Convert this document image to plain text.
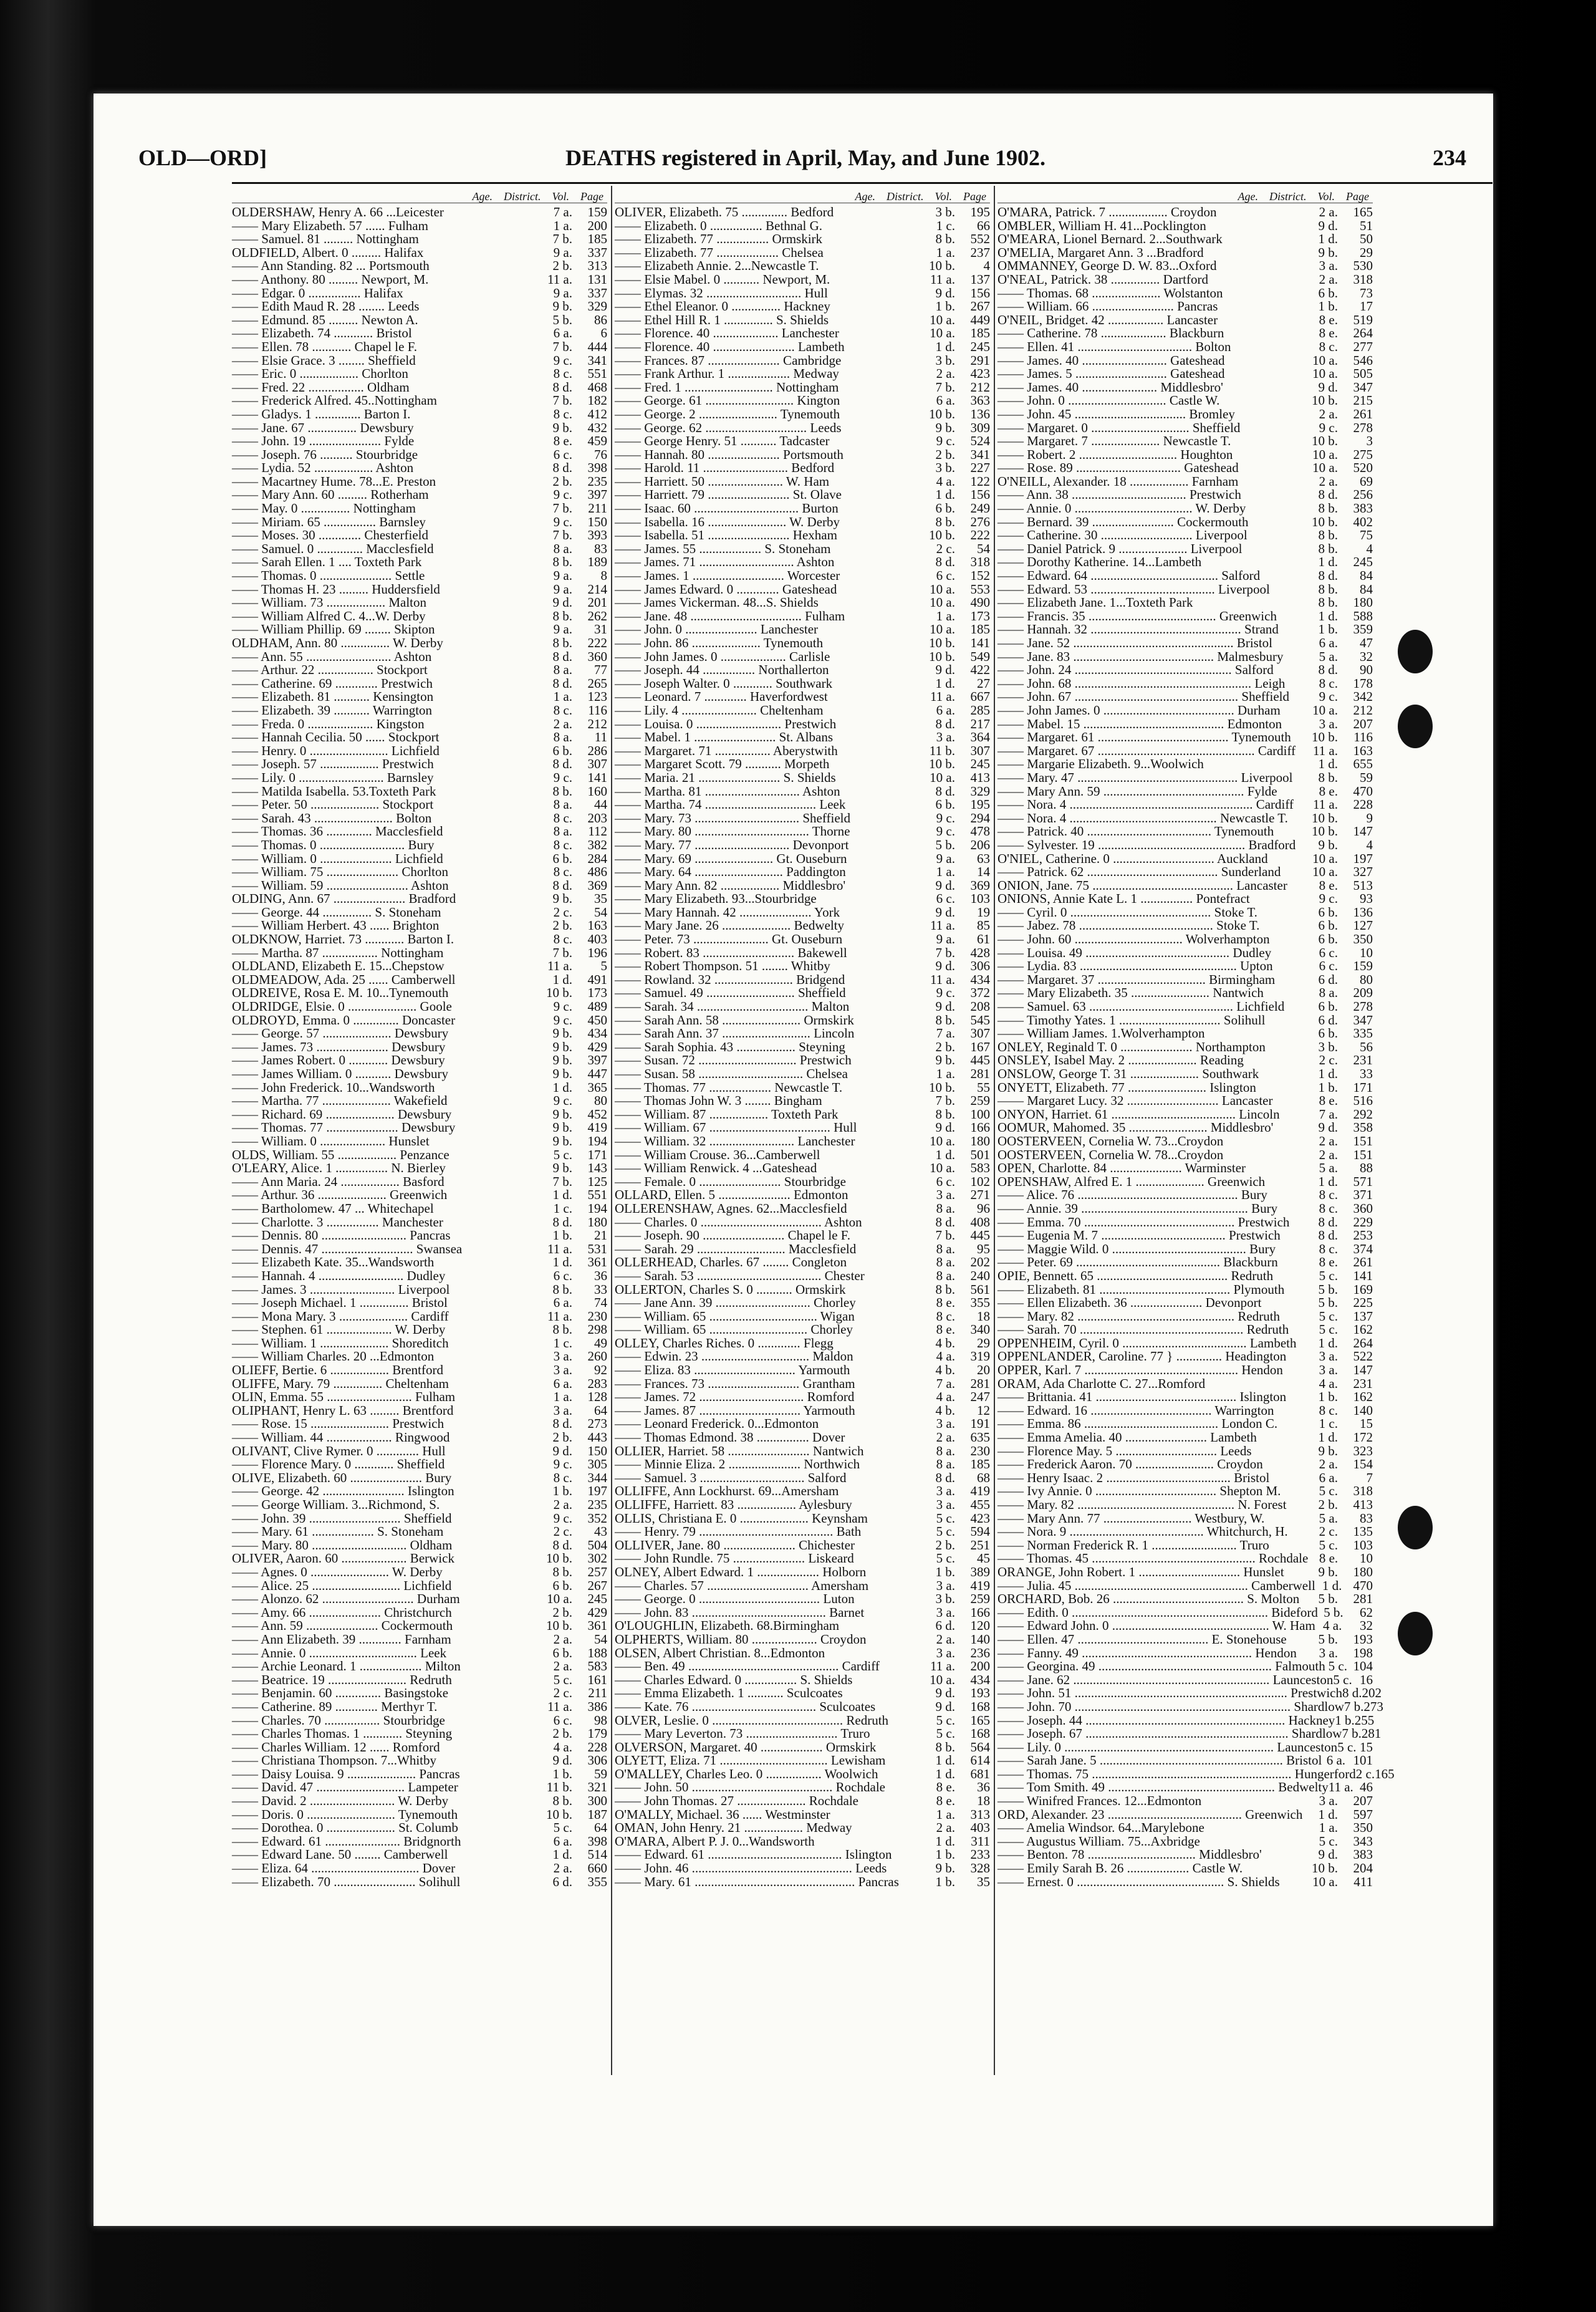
OLD—ORD]	DEATHS registered in April, May, and June 1902.	234
Age. District. Vol. Page
OLDERSHAW, Henry A. 66 ...Leicester	7 a.	159
—— Mary Elizabeth. 57 ...... Fulham	1 a.	200
—— Samuel. 81 ......... Nottingham	7 b.	185
OLDFIELD, Albert. 0 ......... Halifax	9 a.	337
—— Ann Standing. 82 ... Portsmouth	2 b.	313
—— Anthony. 80 ......... Newport, M.	11 a.	131
—— Edgar. 0 ................ Halifax	9 a.	337
—— Edith Maud R. 28 ........ Leeds	9 b.	329
—— Edmund. 85 ......... Newton A.	5 b.	86
—— Elizabeth. 74 ............ Bristol	6 a.	6
—— Ellen. 78 ............ Chapel le F.	7 b.	444
—— Elsie Grace. 3 ........ Sheffield	9 c.	341
—— Eric. 0 .................. Chorlton	8 c.	551
—— Fred. 22 ................. Oldham	8 d.	468
—— Frederick Alfred. 45..Nottingham	7 b.	182
—— Gladys. 1 .............. Barton I.	8 c.	412
—— Jane. 67 ............... Dewsbury	9 b.	432
—— John. 19 ...................... Fylde	8 e.	459
—— Joseph. 76 .......... Stourbridge	6 c.	76
—— Lydia. 52 .................. Ashton	8 d.	398
—— Macartney Hume. 78...E. Preston	2 b.	235
—— Mary Ann. 60 ......... Rotherham	9 c.	397
—— May. 0 ............... Nottingham	7 b.	211
—— Miriam. 65 ................ Barnsley	9 c.	150
—— Moses. 30 ............. Chesterfield	7 b.	393
—— Samuel. 0 .............. Macclesfield	8 a.	83
—— Sarah Ellen. 1 .... Toxteth Park	8 b.	189
—— Thomas. 0 ...................... Settle	9 a.	8
—— Thomas H. 23 ......... Huddersfield	9 a.	214
—— William. 73 .................. Malton	9 d.	201
—— William Alfred C. 4...W. Derby	8 b.	262
—— William Phillip. 69 ........ Skipton	9 a.	31
OLDHAM, Ann. 80 ............... W. Derby	8 b.	222
—— Ann. 55 .......................... Ashton	8 d.	360
—— Arthur. 22 ................. Stockport	8 a.	77
—— Catherine. 69 ............. Prestwich	8 d.	265
—— Elizabeth. 81 ........... Kensington	1 a.	123
—— Elizabeth. 39 ........... Warrington	8 c.	116
—— Freda. 0 .................... Kingston	2 a.	212
—— Hannah Cecilia. 50 ...... Stockport	8 a.	11
—— Henry. 0 ........................ Lichfield	6 b.	286
—— Joseph. 57 .................. Prestwich	8 d.	307
—— Lily. 0 .......................... Barnsley	9 c.	141
—— Matilda Isabella. 53.Toxteth Park	8 b.	160
—— Peter. 50 ..................... Stockport	8 a.	44
—— Sarah. 43 ........................ Bolton	8 c.	203
—— Thomas. 36 .............. Macclesfield	8 a.	112
—— Thomas. 0 .......................... Bury	8 c.	382
—— William. 0 ...................... Lichfield	6 b.	284
—— William. 75 ...................... Chorlton	8 c.	486
—— William. 59 ......................... Ashton	8 d.	369
OLDING, Ann. 67 ...................... Bradford	9 b.	35
—— George. 44 ............... S. Stoneham	2 c.	54
—— William Herbert. 43 ...... Brighton	2 b.	163
OLDKNOW, Harriet. 73 ............ Barton I.	8 c.	403
—— Martha. 87 ................. Nottingham	7 b.	196
OLDLAND, Elizabeth E. 15...Chepstow	11 a.	5
OLDMEADOW, Ada. 25 ...... Camberwell	1 d.	491
OLDREIVE, Rosa E. M. 10...Tynemouth	10 b.	173
OLDRIDGE, Elsie. 0 ..................... Goole	9 c.	489
OLDROYD, Emma. 0 .............. Doncaster	9 c.	450
—— George. 57 ..................... Dewsbury	9 b.	434
—— James. 73 ...................... Dewsbury	9 b.	429
—— James Robert. 0 ............ Dewsbury	9 b.	397
—— James William. 0 ........... Dewsbury	9 b.	447
—— John Frederick. 10...Wandsworth	1 d.	365
—— Martha. 77 ..................... Wakefield	9 c.	80
—— Richard. 69 ..................... Dewsbury	9 b.	452
—— Thomas. 77 ...................... Dewsbury	9 b.	419
—— William. 0 .................... Hunslet	9 b.	194
OLDS, William. 55 .................. Penzance	5 c.	171
O'LEARY, Alice. 1 ................ N. Bierley	9 b.	143
—— Ann Maria. 24 .................. Basford	7 b.	125
—— Arthur. 36 ..................... Greenwich	1 d.	551
—— Bartholomew. 47 ... Whitechapel	1 c.	194
—— Charlotte. 3 ................ Manchester	8 d.	180
—— Dennis. 80 .......................... Pancras	1 b.	21
—— Dennis. 47 ............................ Swansea	11 a.	531
—— Elizabeth Kate. 35...Wandsworth	1 d.	361
—— Hannah. 4 .......................... Dudley	6 c.	36
—— James. 3 .......................... Liverpool	8 b.	33
—— Joseph Michael. 1 ............... Bristol	6 a.	74
—— Mona Mary. 3 ..................... Cardiff	11 a.	230
—— Stephen. 61 .................... W. Derby	8 b.	298
—— William. 1 ..................... Shoreditch	1 c.	49
—— William Charles. 20 ...Edmonton	3 a.	260
OLIEFF, Bertie. 6 .................. Brentford	3 a.	92
OLIFFE, Mary. 79 ............... Cheltenham	6 a.	283
OLIN, Emma. 55 .......................... Fulham	1 a.	128
OLIPHANT, Henry L. 63 ......... Brentford	3 a.	64
—— Rose. 15 ........................ Prestwich	8 d.	273
—— William. 44 .................... Ringwood	2 b.	443
OLIVANT, Clive Rymer. 0 ............. Hull	9 d.	150
—— Florence Mary. 0 ............ Sheffield	9 c.	305
OLIVE, Elizabeth. 60 ...................... Bury	8 c.	344
—— George. 42 ......................... Islington	1 b.	197
—— George William. 3...Richmond, S.	2 a.	235
—— John. 39 ............................ Sheffield	9 c.	352
—— Mary. 61 ................... S. Stoneham	2 c.	43
—— Mary. 80 ............................. Oldham	8 d.	504
OLIVER, Aaron. 60 .................... Berwick	10 b.	302
—— Agnes. 0 ........................ W. Derby	8 b.	257
—— Alice. 25 ........................... Lichfield	6 b.	267
—— Alonzo. 62 ............................ Durham	10 a.	245
—— Amy. 66 ...................... Christchurch	2 b.	429
—— Ann. 59 ...................... Cockermouth	10 b.	361
—— Ann Elizabeth. 39 ............. Farnham	2 a.	54
—— Annie. 0 ................................. Leek	6 b.	188
—— Archie Leonard. 1 ................... Milton	2 a.	583
—— Beatrice. 19 ........................ Redruth	5 c.	161
—— Benjamin. 60 .............. Basingstoke	2 c.	211
—— Catherine. 89 ............. Merthyr T.	11 a.	386
—— Charles. 70 ................. Stourbridge	6 c.	98
—— Charles Thomas. 1 ............ Steyning	2 b.	179
—— Charles William. 12 ...... Romford	4 a.	228
—— Christiana Thompson. 7...Whitby	9 d.	306
—— Daisy Louisa. 9 ..................... Pancras	1 b.	59
—— David. 47 ........................... Lampeter	11 b.	321
—— David. 2 .......................... W. Derby	8 b.	300
—— Doris. 0 ........................... Tynemouth	10 b.	187
—— Dorothea. 0 ..................... St. Columb	5 c.	64
—— Edward. 61 ....................... Bridgnorth	6 a.	398
—— Edward Lane. 50 ........ Camberwell	1 d.	514
—— Eliza. 64 ................................. Dover	2 a.	660
—— Elizabeth. 70 ......................... Solihull	6 d.	355
Age. District. Vol. Page
OLIVER, Elizabeth. 75 .............. Bedford	3 b.	195
—— Elizabeth. 0 ................ Bethnal G.	1 c.	66
—— Elizabeth. 77 ................ Ormskirk	8 b.	552
—— Elizabeth. 77 ................... Chelsea	1 a.	237
—— Elizabeth Annie. 2...Newcastle T.	10 b.	4
—— Elsie Mabel. 0 ........... Newport, M.	11 a.	137
—— Elymas. 32 ............................. Hull	9 d.	156
—— Ethel Eleanor. 0 ............... Hackney	1 b.	267
—— Ethel Hill R. 1 ............... S. Shields	10 a.	449
—— Florence. 40 .................... Lanchester	10 a.	185
—— Florence. 40 ......................... Lambeth	1 d.	245
—— Frances. 87 ...................... Cambridge	3 b.	291
—— Frank Arthur. 1 ................... Medway	2 a.	423
—— Fred. 1 ........................... Nottingham	7 b.	212
—— George. 61 ........................... Kington	6 a.	363
—— George. 2 ........................ Tynemouth	10 b.	136
—— George. 62 ............................... Leeds	9 b.	309
—— George Henry. 51 ........... Tadcaster	9 c.	524
—— Hannah. 80 ...................... Portsmouth	2 b.	341
—— Harold. 11 .......................... Bedford	3 b.	227
—— Harriett. 50 ....................... W. Ham	4 a.	122
—— Harriett. 79 ......................... St. Olave	1 d.	156
—— Isaac. 60 ................................ Burton	6 b.	249
—— Isabella. 16 ........................ W. Derby	8 b.	276
—— Isabella. 51 ......................... Hexham	10 b.	222
—— James. 55 ................... S. Stoneham	2 c.	54
—— James. 71 ............................. Ashton	8 d.	318
—— James. 1 ............................ Worcester	6 c.	152
—— James Edward. 0 ............. Gateshead	10 a.	553
—— James Vickerman. 48...S. Shields	10 a.	490
—— Jane. 48 .................................. Fulham	1 a.	173
—— John. 0 ...................... Lanchester	10 a.	185
—— John. 86 ..................... Tynemouth	10 b.	141
—— John James. 0 .................... Carlisle	10 b.	549
—— Joseph. 44 ................ Northallerton	9 d.	422
—— Joseph Walter. 0 ............ Southwark	1 d.	27
—— Leonard. 7 ............. Haverfordwest	11 a.	667
—— Lily. 4 ....................... Cheltenham	6 a.	285
—— Louisa. 0 .......................... Prestwich	8 d.	217
—— Mabel. 1 ......................... St. Albans	3 a.	364
—— Margaret. 71 ................. Aberystwith	11 b.	307
—— Margaret Scott. 79 ........... Morpeth	10 b.	245
—— Maria. 21 ......................... S. Shields	10 a.	413
—— Martha. 81 ............................. Ashton	8 d.	329
—— Martha. 74 .................................. Leek	6 b.	195
—— Mary. 73 ................................ Sheffield	9 c.	294
—— Mary. 80 ................................... Thorne	9 c.	478
—— Mary. 77 ............................. Devonport	5 b.	206
—— Mary. 69 ........................ Gt. Ouseburn	9 a.	63
—— Mary. 64 ........................... Paddington	1 a.	14
—— Mary Ann. 82 .................. Middlesbro'	9 d.	369
—— Mary Elizabeth. 93...Stourbridge	6 c.	103
—— Mary Hannah. 42 ...................... York	9 d.	19
—— Mary Jane. 26 ..................... Bedwelty	11 a.	85
—— Peter. 73 ....................... Gt. Ouseburn	9 a.	61
—— Robert. 83 ............................ Bakewell	7 b.	428
—— Robert Thompson. 51 ........ Whitby	9 d.	306
—— Rowland. 32 ........................ Bridgend	11 a.	434
—— Samuel. 49 ........................... Sheffield	9 c.	372
—— Sarah. 34 .................................. Malton	9 d.	208
—— Sarah Ann. 58 ........................ Ormskirk	8 b.	545
—— Sarah Ann. 37 ........................... Lincoln	7 a.	307
—— Sarah Sophia. 43 .................. Steyning	2 b.	167
—— Susan. 72 .............................. Prestwich	9 b.	445
—— Susan. 58 ................................ Chelsea	1 a.	281
—— Thomas. 77 ................... Newcastle T.	10 b.	55
—— Thomas John W. 3 ........ Bingham	7 b.	259
—— William. 87 .................. Toxteth Park	8 b.	100
—— William. 67 ..................................... Hull	9 d.	166
—— William. 32 .......................... Lanchester	10 a.	180
—— William Crouse. 36...Camberwell	1 d.	501
—— William Renwick. 4 ...Gateshead	10 a.	583
—— Female. 0 ......................... Stourbridge	6 c.	102
OLLARD, Ellen. 5 ...................... Edmonton	3 a.	271
OLLERENSHAW, Agnes. 62...Macclesfield	8 a.	96
—— Charles. 0 ..................................... Ashton	8 d.	408
—— Joseph. 90 ......................... Chapel le F.	7 b.	445
—— Sarah. 29 ........................... Macclesfield	8 a.	95
OLLERHEAD, Charles. 67 ........ Congleton	8 a.	202
—— Sarah. 53 ...................................... Chester	8 a.	240
OLLERTON, Charles S. 0 ........... Ormskirk	8 b.	561
—— Jane Ann. 39 ............................. Chorley	8 e.	355
—— William. 65 ................................. Wigan	8 c.	18
—— William. 65 .............................. Chorley	8 e.	340
OLLEY, Charles Riches. 0 ............. Flegg	4 b.	29
—— Edwin. 23 ................................. Maldon	4 a.	319
—— Eliza. 83 ............................... Yarmouth	4 b.	20
—— Frances. 73 ............................ Grantham	7 a.	281
—— James. 72 ................................ Romford	4 a.	247
—— James. 87 ............................... Yarmouth	4 b.	12
—— Leonard Frederick. 0...Edmonton	3 a.	191
—— Thomas Edmond. 38 ................ Dover	2 a.	635
OLLIER, Harriet. 58 ......................... Nantwich	8 a.	230
—— Minnie Eliza. 2 ...................... Northwich	8 a.	185
—— Samuel. 3 ................................ Salford	8 d.	68
OLLIFFE, Ann Lockhurst. 69...Amersham	3 a.	419
OLLIFFE, Harriett. 83 .................. Aylesbury	3 a.	455
OLLIS, Christiana E. 0 ..................... Keynsham	5 c.	423
—— Henry. 79 ......................................... Bath	5 c.	594
OLLIVER, Jane. 80 ...................... Chichester	2 b.	251
—— John Rundle. 75 ...................... Liskeard	5 c.	45
OLNEY, Albert Edward. 1 ................... Holborn	1 b.	389
—— Charles. 57 ............................... Amersham	3 a.	419
—— George. 0 ..................................... Luton	3 b.	259
—— John. 83 ......................................... Barnet	3 a.	166
O'LOUGHLIN, Elizabeth. 68.Birmingham	6 d.	120
OLPHERTS, William. 80 .................... Croydon	2 a.	140
OLSEN, Albert Christian. 8...Edmonton	3 a.	236
—— Ben. 49 .............................................. Cardiff	11 a.	200
—— Charles Edward. 0 ................ S. Shields	10 a.	434
—— Emma Elizabeth. 1 ........... Sculcoates	9 d.	193
—— Kate. 76 ...................................... Sculcoates	9 d.	168
OLVER, Leslie. 0 ........................................ Redruth	5 c.	165
—— Mary Leverton. 73 ............................ Truro	5 c.	168
OLVERSON, Margaret. 40 ................... Ormskirk	8 b.	564
OLYETT, Eliza. 71 ................................. Lewisham	1 d.	614
O'MALLEY, Charles Leo. 0 ................. Woolwich	1 d.	681
—— John. 50 ........................................... Rochdale	8 e.	36
—— John Thomas. 27 ..................... Rochdale	8 e.	18
O'MALLY, Michael. 36 ...... Westminster	1 a.	313
OMAN, John Henry. 21 .................. Medway	2 a.	403
O'MARA, Albert P. J. 0...Wandsworth	1 d.	311
—— Edward. 61 ......................................... Islington	1 b.	233
—— John. 46 ................................................. Leeds	9 b.	328
—— Mary. 61 ................................................. Pancras	1 b.	35
Age. District. Vol. Page
O'MARA, Patrick. 7 .................. Croydon	2 a.	165
OMBLER, William H. 41...Pocklington	9 d.	51
O'MEARA, Lionel Bernard. 2...Southwark	1 d.	50
O'MELIA, Margaret Ann. 3 ...Bradford	9 b.	29
OMMANNEY, George D. W. 83...Oxford	3 a.	530
O'NEAL, Patrick. 38 ............... Dartford	2 a.	318
—— Thomas. 68 ..................... Wolstanton	6 b.	73
—— William. 66 ......................... Pancras	1 b.	17
O'NEIL, Bridget. 42 ................. Lancaster	8 e.	519
—— Catherine. 78 .................... Blackburn	8 e.	264
—— Ellen. 41 ................................... Bolton	8 c.	277
—— James. 40 .......................... Gateshead	10 a.	546
—— James. 5 ............................ Gateshead	10 a.	505
—— James. 40 ....................... Middlesbro'	9 d.	347
—— John. 0 .............................. Castle W.	10 b.	215
—— John. 45 .................................. Bromley	2 a.	261
—— Margaret. 0 .............................. Sheffield	9 c.	278
—— Margaret. 7 ..................... Newcastle T.	10 b.	3
—— Robert. 2 .............................. Houghton	10 a.	275
—— Rose. 89 ................................ Gateshead	10 a.	520
O'NEILL, Alexander. 18 .................. Farnham	2 a.	69
—— Ann. 38 ................................... Prestwich	8 d.	256
—— Annie. 0 .................................... W. Derby	8 b.	383
—— Bernard. 39 ......................... Cockermouth	10 b.	402
—— Catherine. 30 ............................ Liverpool	8 b.	75
—— Daniel Patrick. 9 ..................... Liverpool	8 b.	4
—— Dorothy Katherine. 14...Lambeth	1 d.	245
—— Edward. 64 ....................................... Salford	8 d.	84
—— Edward. 53 ...................................... Liverpool	8 b.	84
—— Elizabeth Jane. 1...Toxteth Park	8 b.	180
—— Francis. 35 ....................................... Greenwich	1 d.	588
—— Hannah. 32 .............................................. Strand	1 b.	359
—— Jane. 52 ................................................. Bristol	6 a.	47
—— Jane. 83 ........................................... Malmesbury	5 a.	32
—— John. 24 ................................................ Salford	8 d.	90
—— John. 68 ...................................................... Leigh	8 c.	178
—— John. 67 .................................................. Sheffield	9 c.	342
—— John James. 0 ........................................ Durham	10 a.	212
—— Mabel. 15 ........................................... Edmonton	3 a.	207
—— Margaret. 61 ........................................ Tynemouth	10 b.	116
—— Margaret. 67 ................................................ Cardiff	11 a.	163
—— Margarie Elizabeth. 9...Woolwich	1 d.	655
—— Mary. 47 ................................................. Liverpool	8 b.	59
—— Mary Ann. 59 ........................................... Fylde	8 e.	470
—— Nora. 4 ........................................................ Cardiff	11 a.	228
—— Nora. 4 ............................................. Newcastle T.	10 b.	9
—— Patrick. 40 ...................................... Tynemouth	10 b.	147
—— Sylvester. 19 ............................................. Bradford	9 b.	4
O'NIEL, Catherine. 0 ............................... Auckland	10 a.	197
—— Patrick. 62 ........................................ Sunderland	10 a.	327
ONION, Jane. 75 ........................................... Lancaster	8 e.	513
ONIONS, Annie Kate L. 1 ................ Pontefract	9 c.	93
—— Cyril. 0 ........................................... Stoke T.	6 b.	136
—— Jabez. 78 ......................................... Stoke T.	6 b.	127
—— John. 60 ................................. Wolverhampton	6 b.	350
—— Louisa. 49 ............................................ Dudley	6 c.	10
—— Lydia. 83 ................................................ Upton	6 c.	159
—— Margaret. 37 ................................. Birmingham	6 d.	80
—— Mary Elizabeth. 35 ........................ Nantwich	8 a.	209
—— Samuel. 63 ............................................ Lichfield	6 b.	278
—— Timothy Yates. 1 ............................... Solihull	6 d.	347
—— William James. 1.Wolverhampton	6 b.	335
ONLEY, Reginald T. 0 ...................... Northampton	3 b.	56
ONSLEY, Isabel May. 2 ..................... Reading	2 c.	231
ONSLOW, George T. 31 ..................... Southwark	1 d.	33
ONYETT, Elizabeth. 77 ........................ Islington	1 b.	171
—— Margaret Lucy. 32 ............................ Lancaster	8 e.	516
ONYON, Harriet. 61 ...................................... Lincoln	7 a.	292
OOMUR, Mahomed. 35 ........................ Middlesbro'	9 d.	358
OOSTERVEEN, Cornelia W. 73...Croydon	2 a.	151
OOSTERVEEN, Cornelia W. 78...Croydon	2 a.	151
OPEN, Charlotte. 84 ...................... Warminster	5 a.	88
OPENSHAW, Alfred E. 1 ..................... Greenwich	1 d.	571
—— Alice. 76 ................................................. Bury	8 c.	371
—— Annie. 39 ................................................... Bury	8 c.	360
—— Emma. 70 .............................................. Prestwich	8 d.	229
—— Eugenia M. 7 ...................................... Prestwich	8 d.	253
—— Maggie Wild. 0 ......................................... Bury	8 c.	374
—— Peter. 69 ............................................ Blackburn	8 e.	261
OPIE, Bennett. 65 ........................................ Redruth	5 c.	141
—— Elizabeth. 81 ........................................ Plymouth	5 b.	169
—— Ellen Elizabeth. 36 ...................... Devonport	5 b.	225
—— Mary. 82 ................................................ Redruth	5 c.	137
—— Sarah. 70 .................................................. Redruth	5 c.	162
OPPENHEIM, Cyril. 0 ...................................... Lambeth	1 d.	264
OPPENLANDER, Caroline. 77 } .............. Headington	3 a.	522
OPPER, Karl. 7 ............................................... Hendon	3 a.	147
ORAM, Ada Charlotte C. 27...Romford	4 a.	231
—— Brittania. 41 ........................................... Islington	1 b.	162
—— Edward. 16 ..................................... Warrington	8 c.	140
—— Emma. 86 ......................................... London C.	1 c.	15
—— Emma Amelia. 40 ......................... Lambeth	1 d.	172
—— Florence May. 5 ............................... Leeds	9 b.	323
—— Frederick Aaron. 70 ........................ Croydon	2 a.	154
—— Henry Isaac. 2 ...................................... Bristol	6 a.	7
—— Ivy Annie. 0 ..................................... Shepton M.	5 c.	318
—— Mary. 82 ................................................ N. Forest	2 b.	413
—— Mary Ann. 77 ........................... Westbury, W.	5 a.	83
—— Nora. 9 ......................................... Whitchurch, H.	2 c.	135
—— Norman Frederick R. 1 .......................... Truro	5 c.	103
—— Thomas. 45 .................................................. Rochdale 8 e.	10
ORANGE, John Robert. 1 ............................... Hunslet	9 b.	180
—— Julia. 45 ..................................................... Camberwell 1 d. 470
ORCHARD, Bob. 26 ........................................ S. Molton	5 b.	281
—— Edith. 0 ............................................................ Bideford 5 b.	62
—— Edward John. 0 ................................................ W. Ham 4 a.	32
—— Ellen. 47 ........................................ E. Stonehouse	5 b.	193
—— Fanny. 49 .................................................... Hendon	3 a.	198
—— Georgina. 49 ..................................................... Falmouth 5 c. 104
—— Jane. 62 ............................................................ Launceston 5 c. 16
—— John. 51 ................................................................. Prestwich 8 d. 202
—— John. 70 .................................................................. Shardlow 7 b. 273
—— Joseph. 44 ............................................................. Hackney 1 b. 255
—— Joseph. 67 .............................................................. Shardlow 7 b. 281
—— Lily. 0 ................................................................ Launceston 5 c. 15
—— Sarah Jane. 5 ........................................................ Bristol 6 a. 101
—— Thomas. 75 ............................................................. Hungerford 2 c. 165
—— Tom Smith. 49 ................................................... Bedwelty 11 a. 46
—— Winifred Frances. 12...Edmonton	3 a.	207
ORD, Alexander. 23 ......................................... Greenwich	1 d.	597
—— Amelia Windsor. 64...Marylebone	1 a.	350
—— Augustus William. 75...Axbridge	5 c.	343
—— Benton. 78 ................................. Middlesbro'	9 d.	383
—— Emily Sarah B. 26 ................... Castle W.	10 b.	204
—— Ernest. 0 ............................................. S. Shields	10 a.	411
